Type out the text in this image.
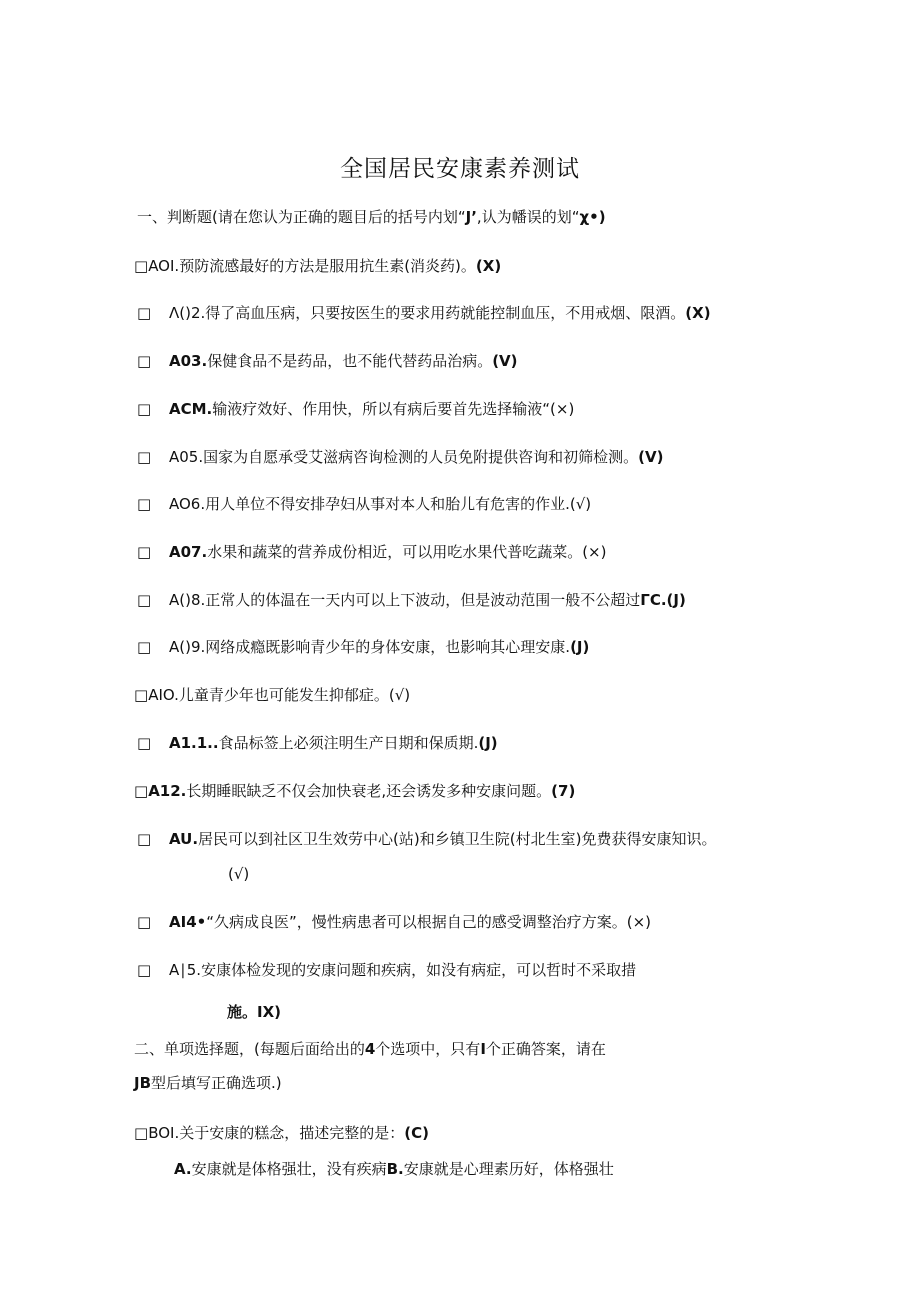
全国居民安康素养测试
一、判断题(请在您认为正确的题目后的括号内划“J’,认为幡误的划“χ•)
□AOI.预防流感最好的方法是服用抗生素(消炎药)。(X)
□ Λ()2.得了高血压病，只要按医生的要求用药就能控制血压，不用戒烟、限酒。(X)
□ A03.保健食品不是药品，也不能代替药品治病。(V)
□ ACM.输液疗效好、作用快，所以有病后要首先选择输液“(×)
□ A05.国家为自愿承受艾滋病咨询检测的人员免附提供咨询和初筛检测。(V)
□ AO6.用人单位不得安排孕妇从事对本人和胎儿有危害的作业.(√)
□ A07.水果和蔬菜的营养成份相近，可以用吃水果代普吃蔬菜。(×)
□ A()8.正常人的体温在一天内可以上下波动，但是波动范围一般不公超过ΓC.(J)
□ A()9.网络成瘾既影响青少年的身体安康，也影响其心理安康.(J)
□AIO.儿童青少年也可能发生抑郁症。(√)
□ A1.1..食品标签上必须注明生产日期和保质期.(J)
□A12.长期睡眠缺乏不仅会加快衰老,还会诱发多种安康问题。(7)
□ AU.居民可以到社区卫生效劳中心(站)和乡镇卫生院(村北生室)免费获得安康知识。
(√)
□ AI4•“久病成良医”，慢性病患者可以根据自己的感受调整治疗方案。(×)
□ A∣5.安康体检发现的安康问题和疾病，如没有病症，可以哲时不采取措
施。IX)
二、单项选择题，(每题后面给出的4个选项中，只有I个正确答案，请在
JB型后填写正确选项.)
□BOI.关于安康的糕念，描述完整的是：(C)
A.安康就是体格强壮，没有疾病B.安康就是心理素历好，体格强壮
